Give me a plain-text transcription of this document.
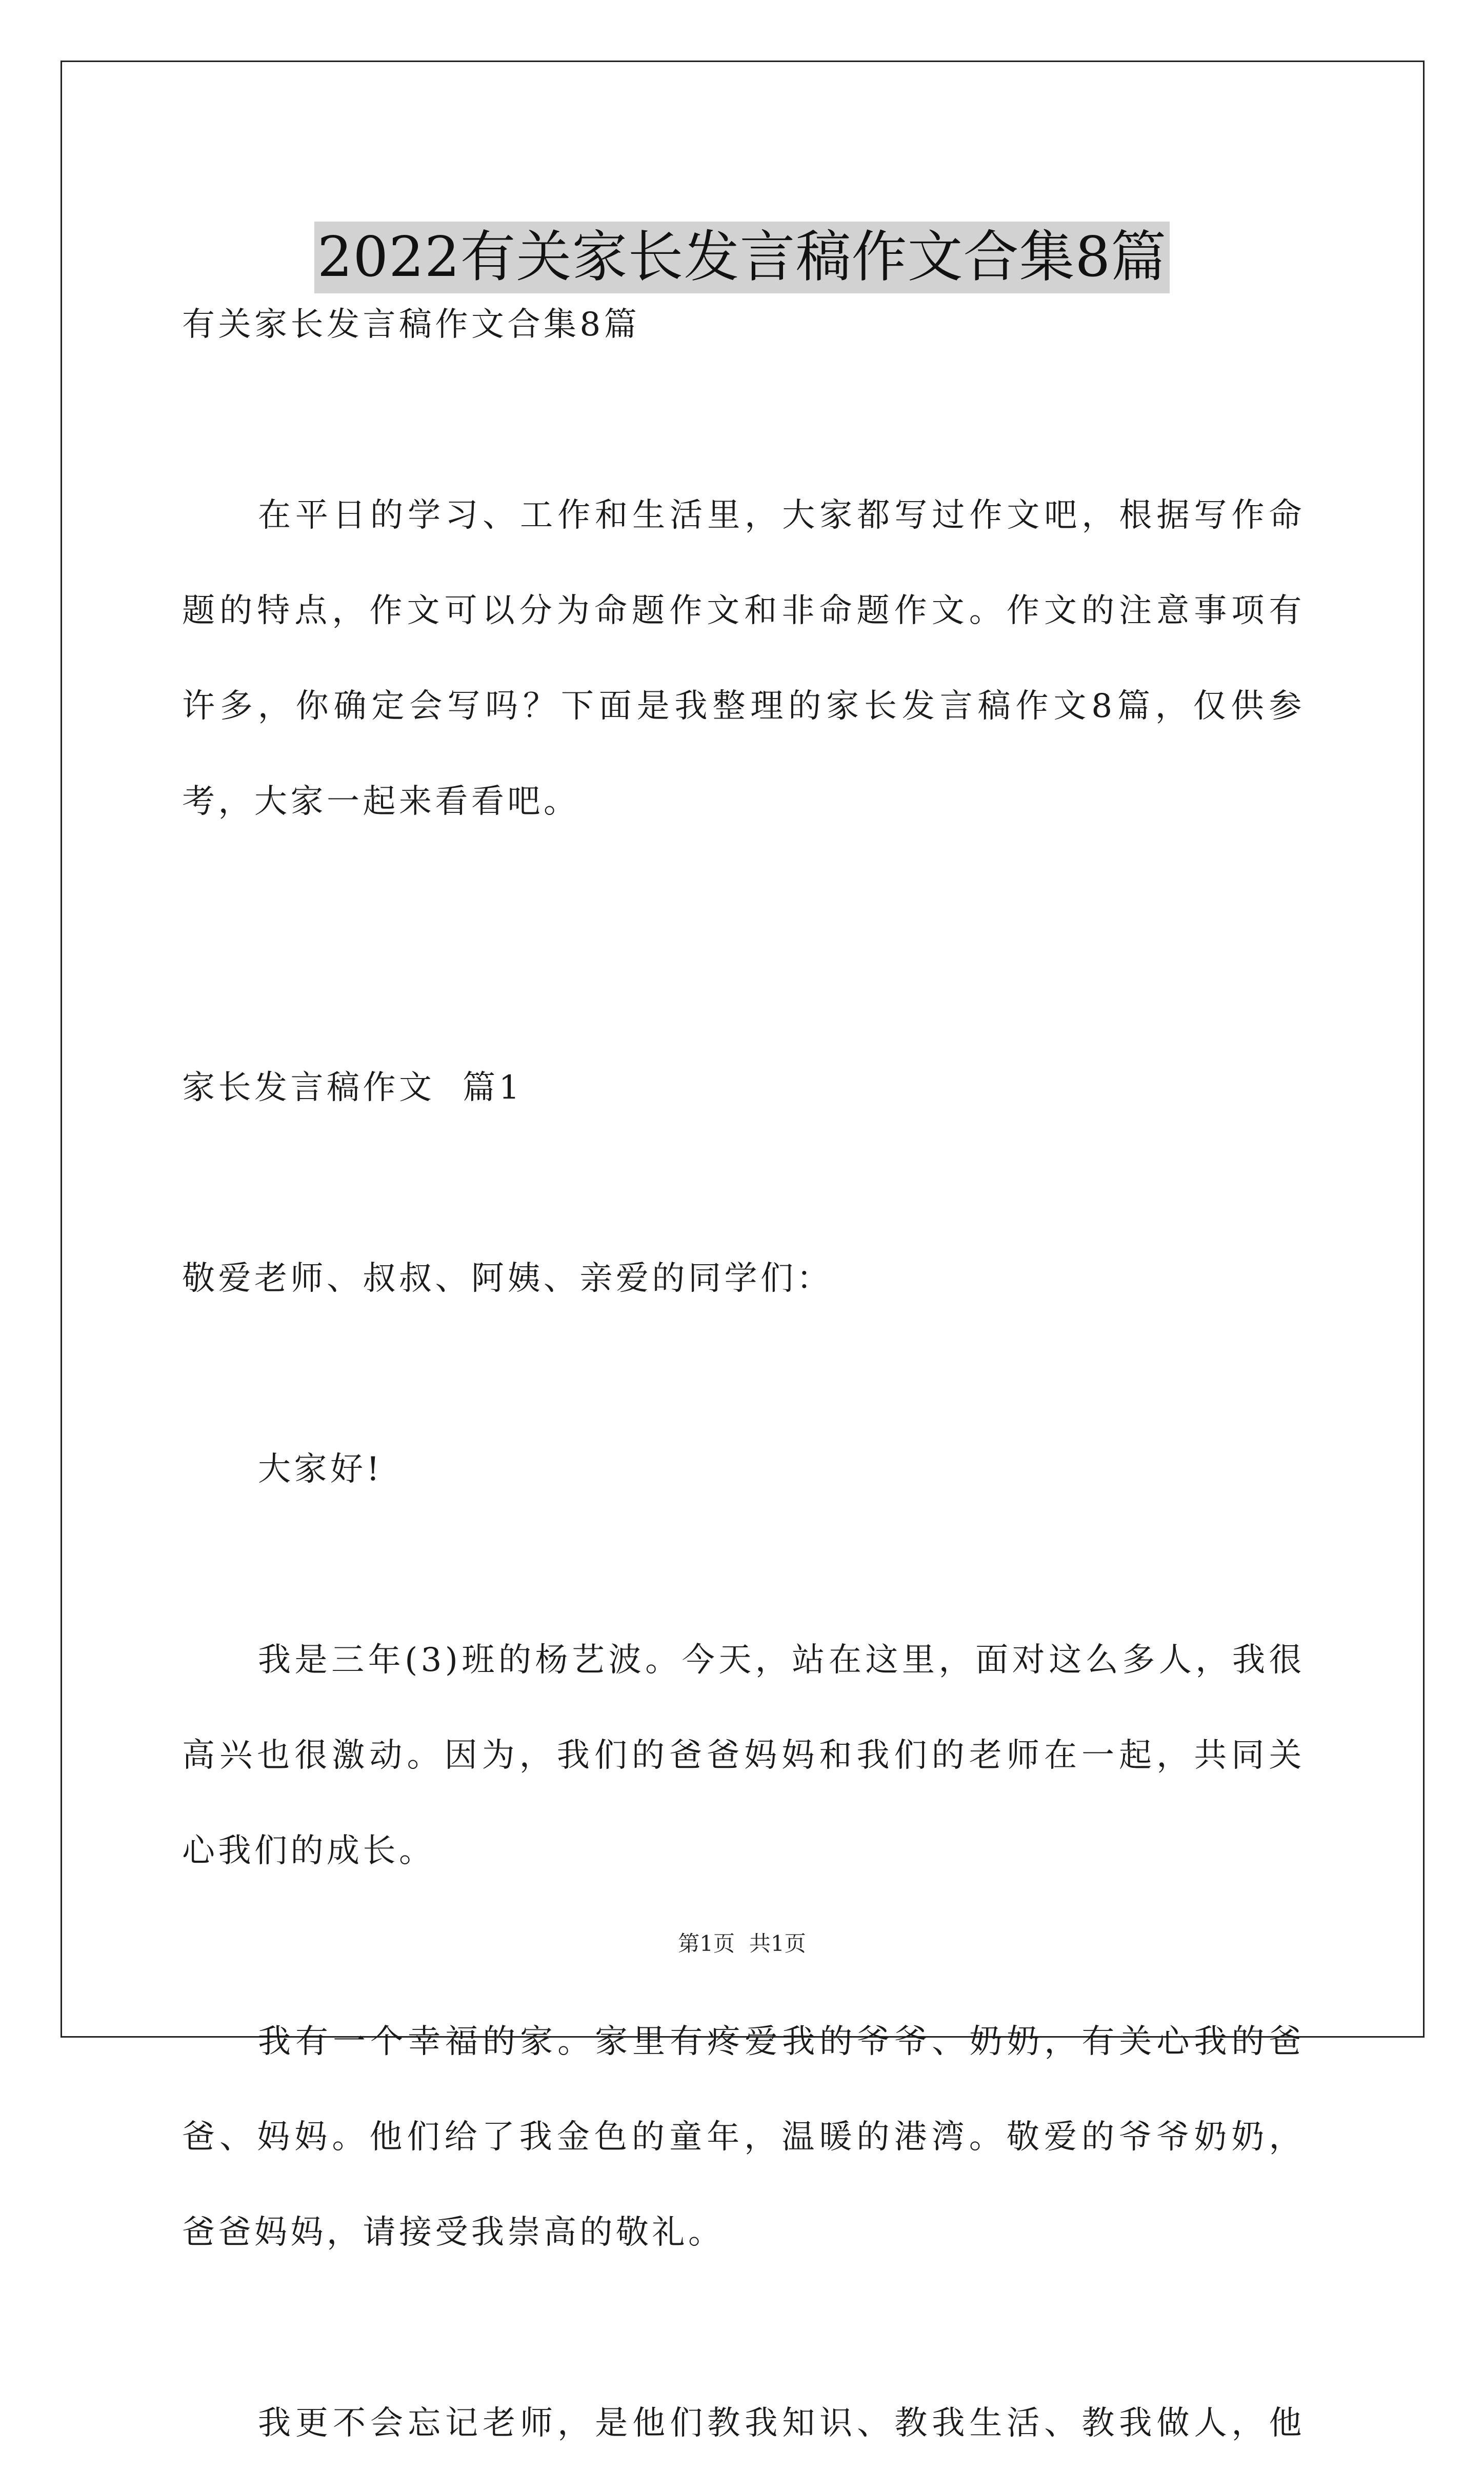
2022有关家长发言稿作文合集8篇
有关家长发言稿作文合集8篇
在平日的学习、工作和生活里，大家都写过作文吧，根据写作命
题的特点，作文可以分为命题作文和非命题作文。作文的注意事项有
许多，你确定会写吗？下面是我整理的家长发言稿作文8篇，仅供参
考，大家一起来看看吧。
家长发言稿作文  篇1
敬爱老师、叔叔、阿姨、亲爱的同学们：
大家好!
我是三年(3)班的杨艺波。今天，站在这里，面对这么多人，我很
高兴也很激动。因为，我们的爸爸妈妈和我们的老师在一起，共同关
心我们的成长。
我有一个幸福的家。家里有疼爱我的爷爷、奶奶，有关心我的爸
爸、妈妈。他们给了我金色的童年，温暖的港湾。敬爱的爷爷奶奶，
爸爸妈妈，请接受我崇高的敬礼。
我更不会忘记老师，是他们教我知识、教我生活、教我做人，他
第1页 共1页
